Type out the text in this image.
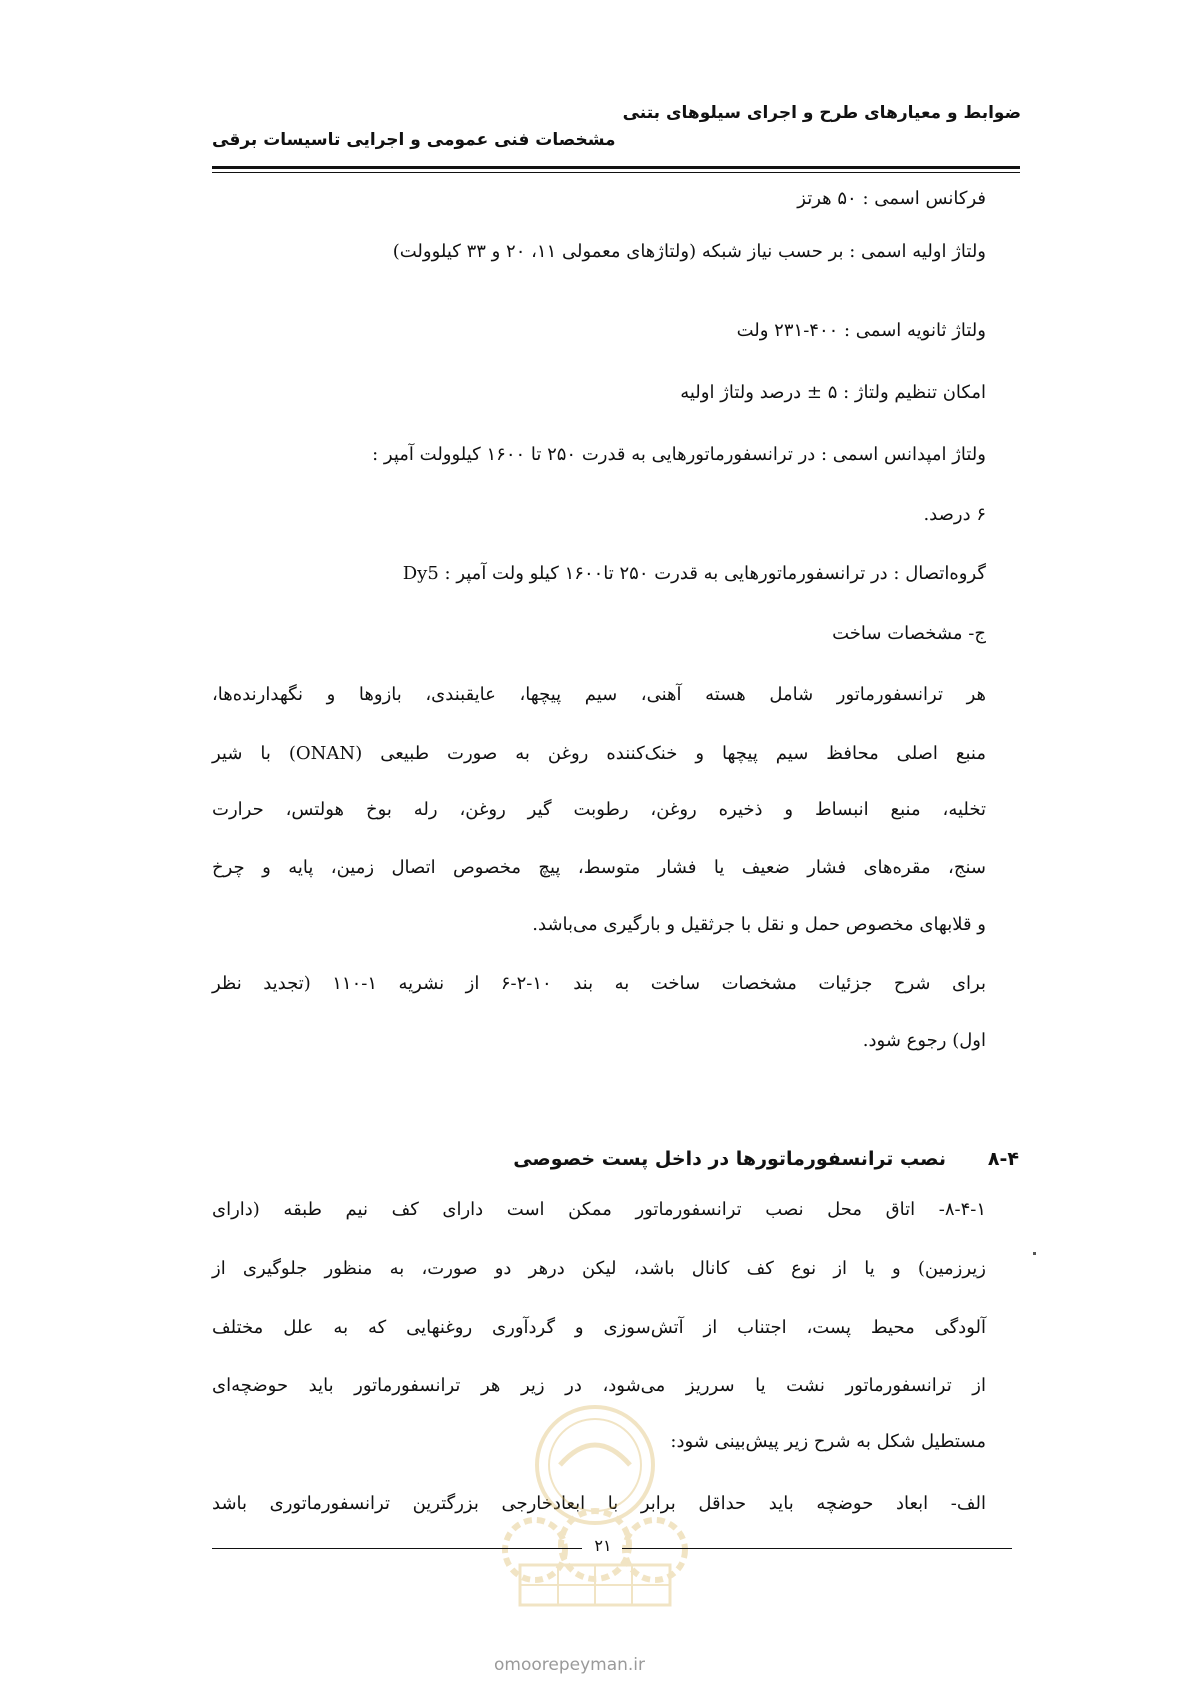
ضوابط و معیارهای طرح و اجرای سیلوهای بتنی
مشخصات فنی عمومی و اجرایی تاسیسات برقی
فرکانس اسمی : ۵۰ هرتز
ولتاژ اولیه اسمی : بر حسب نیاز شبکه (ولتاژهای معمولی ۱۱، ۲۰ و ۳۳ کیلوولت)
ولتاژ ثانویه اسمی : ۴۰۰-۲۳۱ ولت
امکان تنظیم ولتاژ : ۵ ± درصد ولتاژ اولیه
ولتاژ امپدانس اسمی : در ترانسفورماتورهایی به قدرت ۲۵۰ تا ۱۶۰۰ کیلوولت آمپر :
۶ درصد.
گروه‌اتصال : در ترانسفورماتورهایی به قدرت ۲۵۰ تا۱۶۰۰ کیلو ولت آمپر : Dy5
ج- مشخصات ساخت
هر ترانسفورماتور شامل هسته آهنی، سیم پیچها، عایقبندی، بازوها و نگهدارنده‌ها،
منبع اصلی محافظ سیم پیچها و خنک‌کننده روغن به صورت طبیعی (ONAN) با شیر
تخلیه، منبع انبساط و ذخیره روغن، رطوبت گیر روغن، رله بوخ هولتس، حرارت
سنج، مقره‌های فشار ضعیف یا فشار متوسط، پیچ مخصوص اتصال زمین، پایه و چرخ
و قلابهای مخصوص حمل و نقل با جرثقیل و بارگیری می‌باشد.
برای شرح جزئیات مشخصات ساخت به بند ۱۰-۲-۶ از نشریه ۱-۱۱۰ (تجدید نظر
اول) رجوع شود.
۸-۴
نصب ترانسفورماتورها در داخل پست خصوصی
۸-۴-۱- اتاق محل نصب ترانسفورماتور ممکن است دارای کف نیم طبقه (دارای
زیرزمین) و یا از نوع کف کانال باشد، لیکن درهر دو صورت، به منظور جلوگیری از
آلودگی محیط پست، اجتناب از آتش‌سوزی و گردآوری روغنهایی که به علل مختلف
از ترانسفورماتور نشت یا سرریز می‌شود، در زیر هر ترانسفورماتور باید حوضچه‌ای
مستطیل شکل به شرح زیر پیش‌بینی شود:
الف- ابعاد حوضچه باید حداقل برابر با ابعادخارجی بزرگترین ترانسفورماتوری باشد
۲۱
omoorepeyman.ir
